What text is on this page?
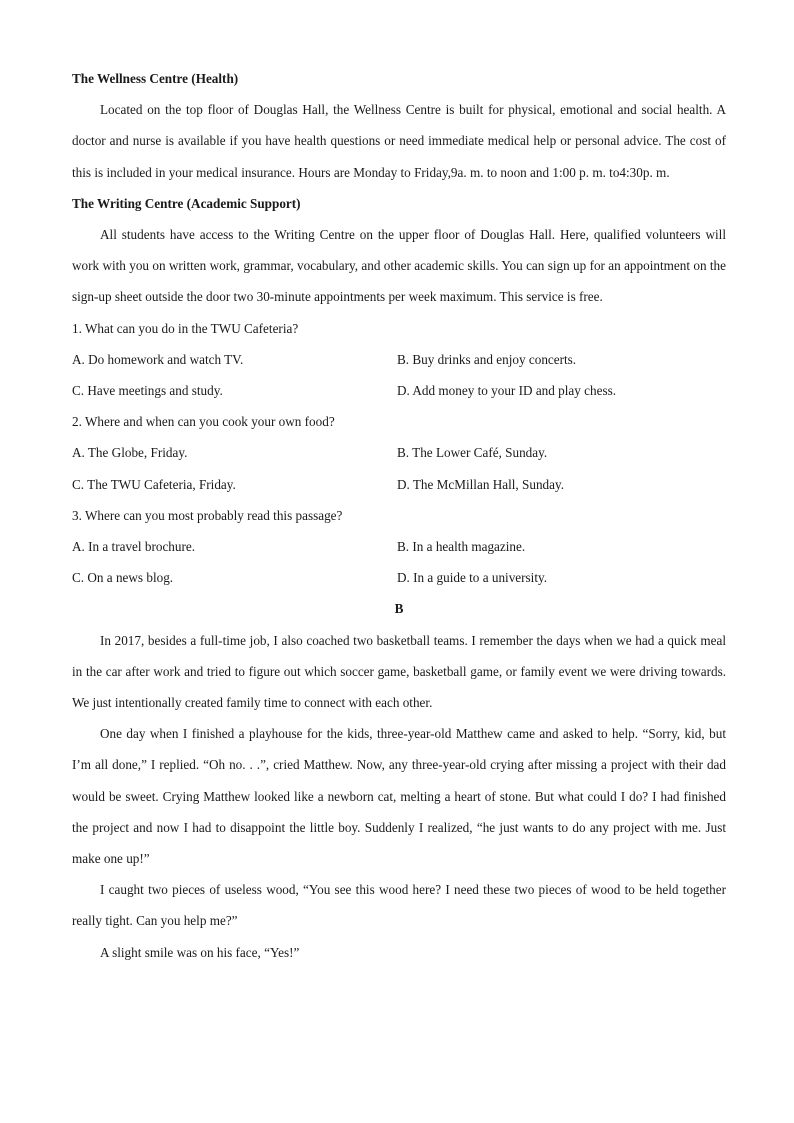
The Wellness Centre (Health)

Located on the top floor of Douglas Hall, the Wellness Centre is built for physical, emotional and social health. A doctor and nurse is available if you have health questions or need immediate medical help or personal advice. The cost of this is included in your medical insurance. Hours are Monday to Friday,9a. m. to noon and 1:00 p. m. to4:30p. m.

The Writing Centre (Academic Support)

All students have access to the Writing Centre on the upper floor of Douglas Hall. Here, qualified volunteers will work with you on written work, grammar, vocabulary, and other academic skills. You can sign up for an appointment on the sign-up sheet outside the door two 30-minute appointments per week maximum. This service is free.

1. What can you do in the TWU Cafeteria?

A. Do homework and watch TV.	B. Buy drinks and enjoy concerts.

C. Have meetings and study.	D. Add money to your ID and play chess.

2. Where and when can you cook your own food?

A. The Globe, Friday.	B. The Lower Café, Sunday.

C. The TWU Cafeteria, Friday.	D. The McMillan Hall, Sunday.

3. Where can you most probably read this passage?

A. In a travel brochure.	B. In a health magazine.

C. On a news blog.	D. In a guide to a university.

B

In 2017, besides a full-time job, I also coached two basketball teams. I remember the days when we had a quick meal in the car after work and tried to figure out which soccer game, basketball game, or family event we were driving towards. We just intentionally created family time to connect with each other.

One day when I finished a playhouse for the kids, three-year-old Matthew came and asked to help. “Sorry, kid, but I’m all done,” I replied. “Oh no. . .”, cried Matthew. Now, any three-year-old crying after missing a project with their dad would be sweet. Crying Matthew looked like a newborn cat, melting a heart of stone. But what could I do? I had finished the project and now I had to disappoint the little boy. Suddenly I realized, “he just wants to do any project with me. Just make one up!”

I caught two pieces of useless wood, “You see this wood here? I need these two pieces of wood to be held together really tight. Can you help me?”

A slight smile was on his face, “Yes!”
